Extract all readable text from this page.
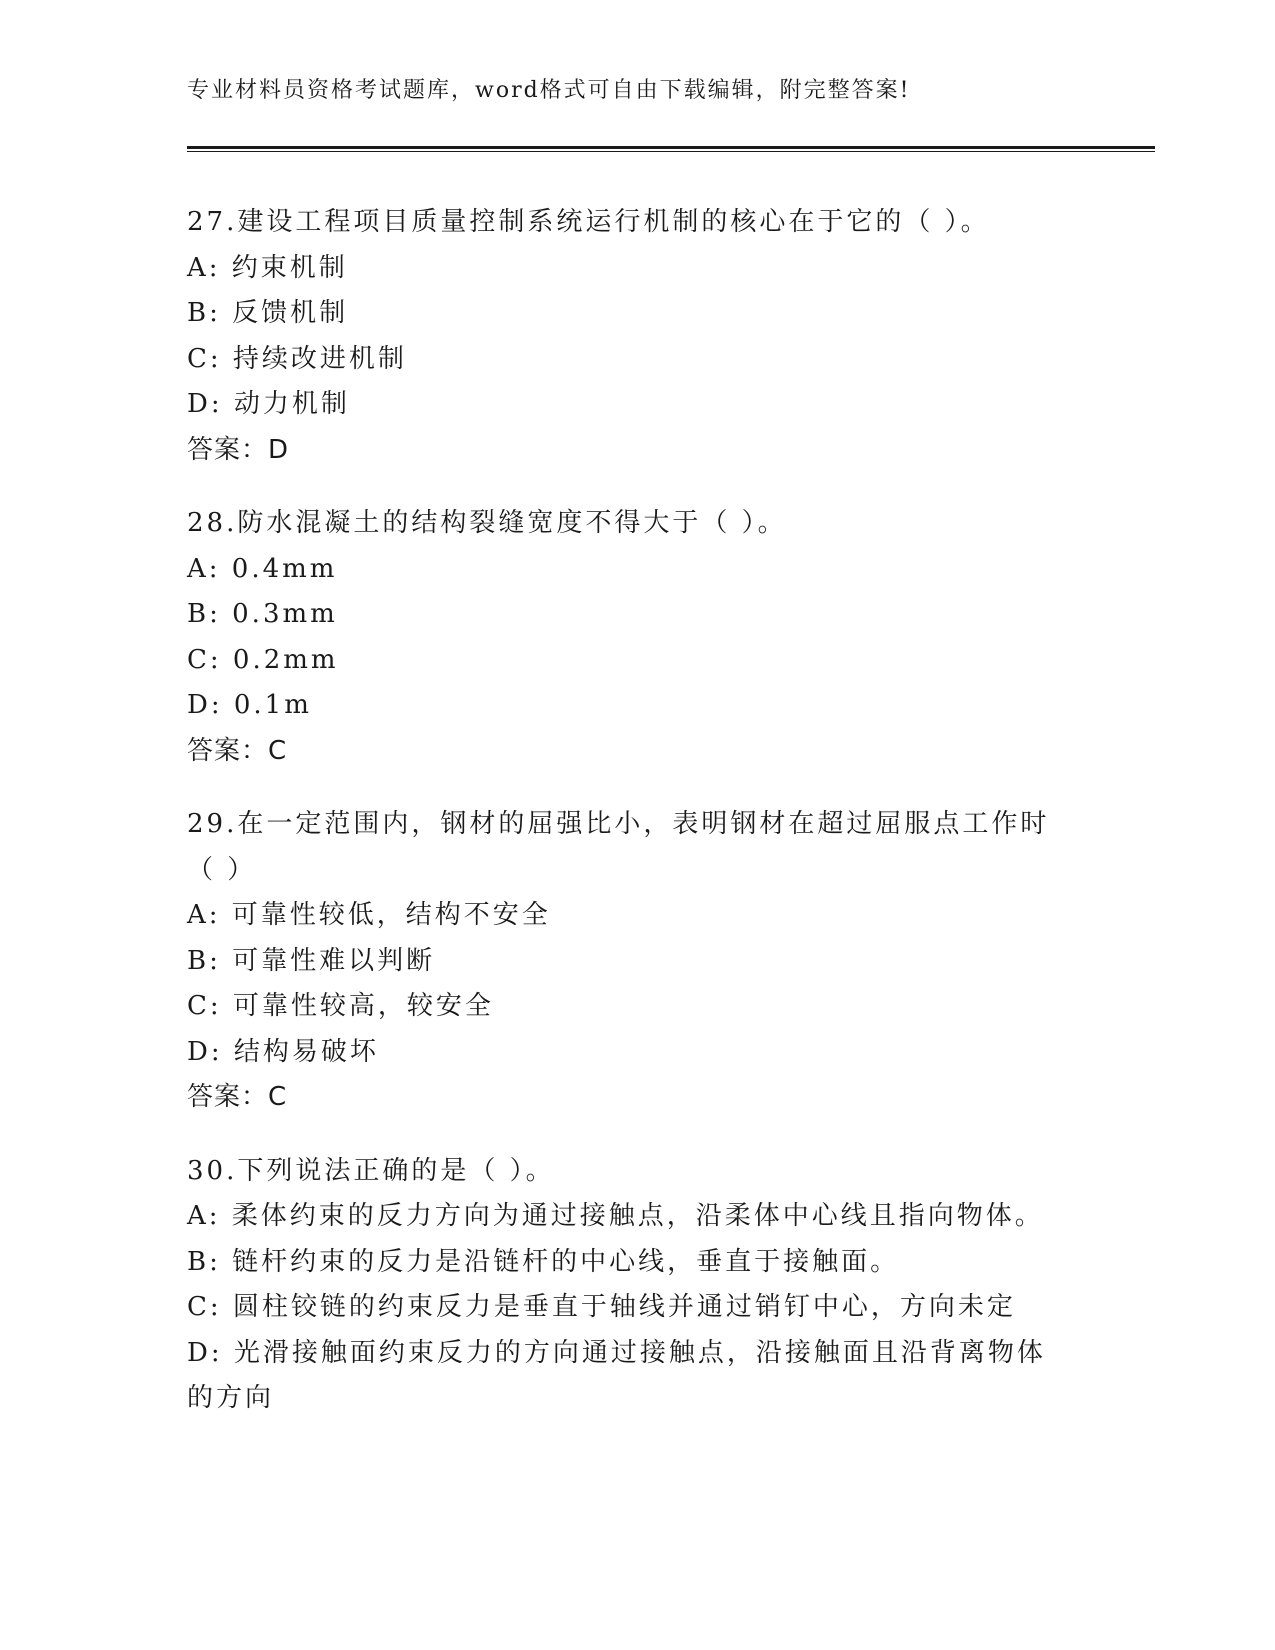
专业材料员资格考试题库，word格式可自由下载编辑，附完整答案!
27.建设工程项目质量控制系统运行机制的核心在于它的（ ）。
A: 约束机制
B: 反馈机制
C: 持续改进机制
D: 动力机制
答案：D
28.防水混凝土的结构裂缝宽度不得大于（ ）。
A: 0.4mm
B: 0.3mm
C: 0.2mm
D: 0.1m
答案：C
29.在一定范围内，钢材的屈强比小，表明钢材在超过屈服点工作时（ ）
A: 可靠性较低，结构不安全
B: 可靠性难以判断
C: 可靠性较高，较安全
D: 结构易破坏
答案：C
30.下列说法正确的是（ ）。
A: 柔体约束的反力方向为通过接触点，沿柔体中心线且指向物体。
B: 链杆约束的反力是沿链杆的中心线，垂直于接触面。
C: 圆柱铰链的约束反力是垂直于轴线并通过销钉中心，方向未定
D: 光滑接触面约束反力的方向通过接触点，沿接触面且沿背离物体的方向
